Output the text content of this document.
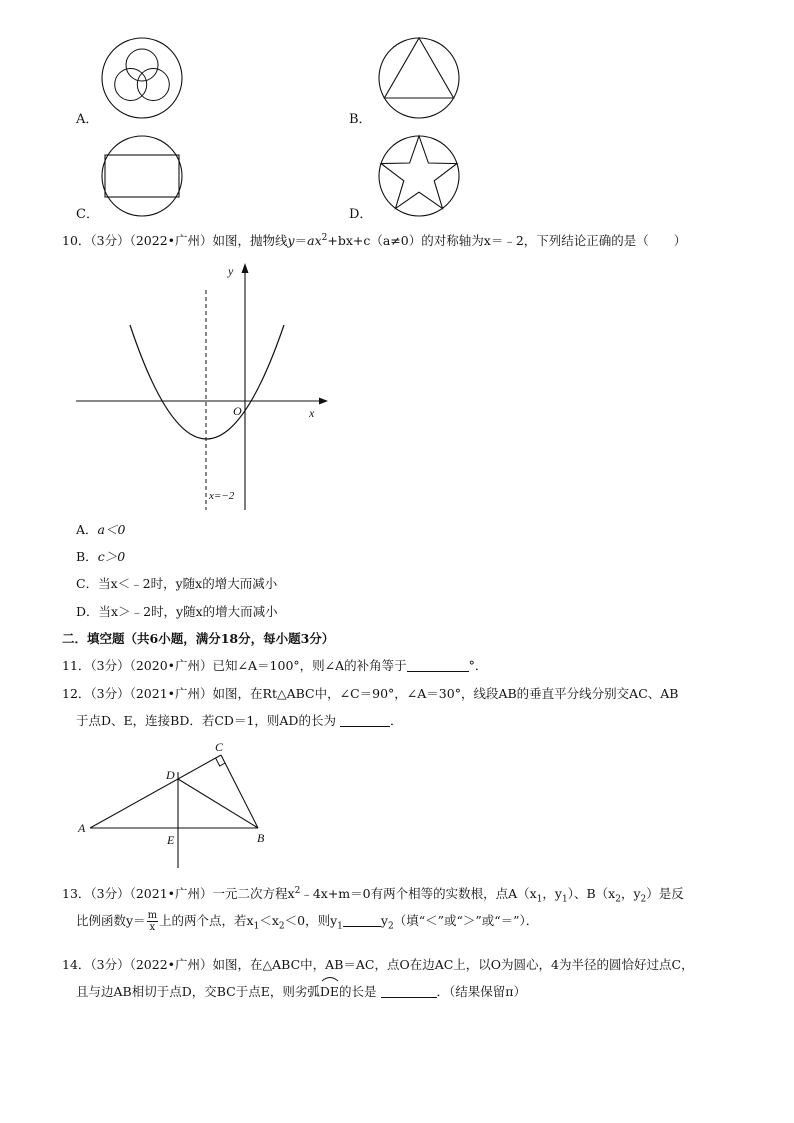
A．	B．
C．	D．
10．（3分）（2022•广州）如图，抛物线$y=ax^2+bx+c(a\ne 0)$的对称轴为x＝﹣2，下列结论正确的是（　　）
y
x
O
x=−2
A．a＜0
B．c＞0
C．当x＜﹣2时，y随x的增大而减小
D．当x＞﹣2时，y随x的增大而减小
二．填空题（共6小题，满分18分，每小题3分）
11．（3分）（2020•广州）已知∠A＝100°，则∠A的补角等于	°．
12．（3分）（2021•广州）如图，在Rt△ABC中，∠C＝90°，∠A＝30°，线段AB的垂直平分线分别交AC、AB
于点D、E，连接BD．若CD＝1，则AD的长为	．
A
B
C
D
E
13．（3分）（2021•广州）一元二次方程$x^2﹣4x+m=0$有两个相等的实数根，点$A(x_1$，$y_1$）、$B(x_2$，$y_2$）是反
比例函数$y= \frac{m}{x}$ 上的两个点，若$x_1<x_2<0$，则$y_1$	$y_2$（填“＜”或“＞”或“＝”）．
14．（3分）（2022•广州）如图，在△ABC中，AB＝AC，点O在边AC上，以O为圆心，4为半径的圆恰好过点C，
且与边AB相切于点D，交BC于点E，则劣弧
DE的长是	．（结果保留π）
